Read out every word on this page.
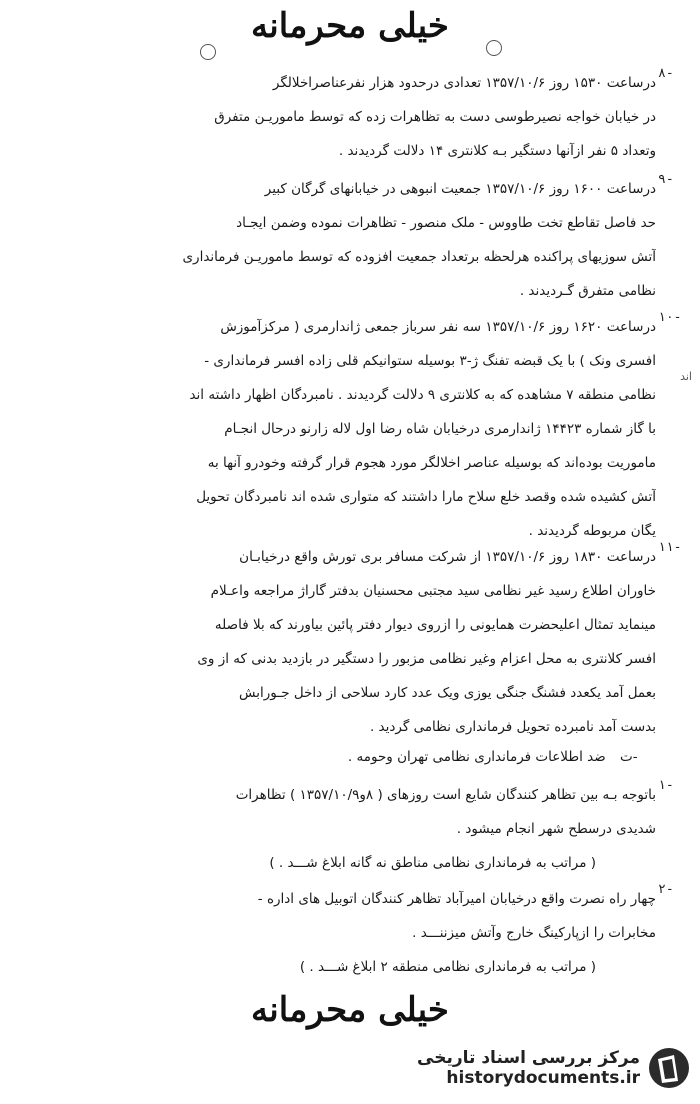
خیلی محرمانه
۸-
درساعت ۱۵۳۰ روز ۱۳۵۷/۱۰/۶ تعدادی درحدود هزار نفرعناصراخلالگر
در خیابان خواجه نصیرطوسی دست به تظاهرات زده که توسط ماموریـن متفرق
وتعداد ۵ نفر ازآنها دستگیر بـه کلانتری ۱۴ دلالت گردیدند .
۹-
درساعت ۱۶۰۰ روز ۱۳۵۷/۱۰/۶ جمعیت انبوهی در خیابانهای گرگان کبیر
حد فاصل تقاطع تخت طاووس - ملک منصور - تظاهرات نموده وضمن ایجـاد
آتش سوزیهای پراکنده هرلحظه برتعداد جمعیت افزوده که توسط ماموریـن فرمانداری
نظامی متفرق گـردیدند .
۱۰-
درساعت ۱۶۲۰ روز ۱۳۵۷/۱۰/۶ سه نفر سرباز جمعی ژاندارمری ( مرکزآموزش
افسری ونک ) با یک قبضه تفنگ ژ-۳ بوسیله ستوانیکم قلی زاده افسر فرمانداری -
نظامی منطقه ۷ مشاهده که به کلانتری ۹ دلالت گردیدند . نامبردگان اظهار داشته اند
با گاز شماره ۱۴۴۲۳ ژاندارمری درخیابان شاه رضا اول لاله زارنو درحال انجـام
ماموریت بوده‌اند که بوسیله عناصر اخلالگر مورد هجوم قرار گرفته وخودرو آنها به
آتش کشیده شده وقصد خلع سلاح مارا داشتند که متواری شده اند نامبردگان تحویل
یگان مربوطه گردیدند .
اند
۱۱-
درساعت ۱۸۳۰ روز ۱۳۵۷/۱۰/۶ از شرکت مسافر بری تورش واقع درخیابـان
خاوران اطلاع رسید غیر نظامی سید مجتبی محسنیان بدفتر گاراژ مراجعه واعـلام
مینماید تمثال اعلیحضرت همایونی را ازروی دیوار دفتر پائین بیاورند که بلا فاصله
افسر کلانتری به محل اعزام وغیر نظامی مزبور را دستگیر در بازدید بدنی که از وی
بعمل آمد یکعدد فشنگ جنگی یوزی ویک عدد کارد سلاحی از داخل جـورابش
بدست آمد نامبرده تحویل فرمانداری نظامی گردید .
ت- ضد اطلاعات فرمانداری نظامی تهران وحومه .
۱-
باتوجه بـه بین تظاهر کنندگان شایع است روزهای ( ۸و۱۳۵۷/۱۰/۹ ) تظاهرات
شدیدی درسطح شهر انجام میشود .
( مراتب به فرمانداری نظامی مناطق نه گانه ابلاغ شـــد . )
۲-
چهار راه نصرت واقع درخیابان امیرآباد تظاهر کنندگان اتوبیل های اداره -
مخابرات را ازپارکینگ خارج وآتش میزننـــد .
( مراتب به فرمانداری نظامی منطقه ۲ ابلاغ شـــد . )
خیلی محرمانه
مرکز بررسی اسناد تاریخی
historydocuments.ir
